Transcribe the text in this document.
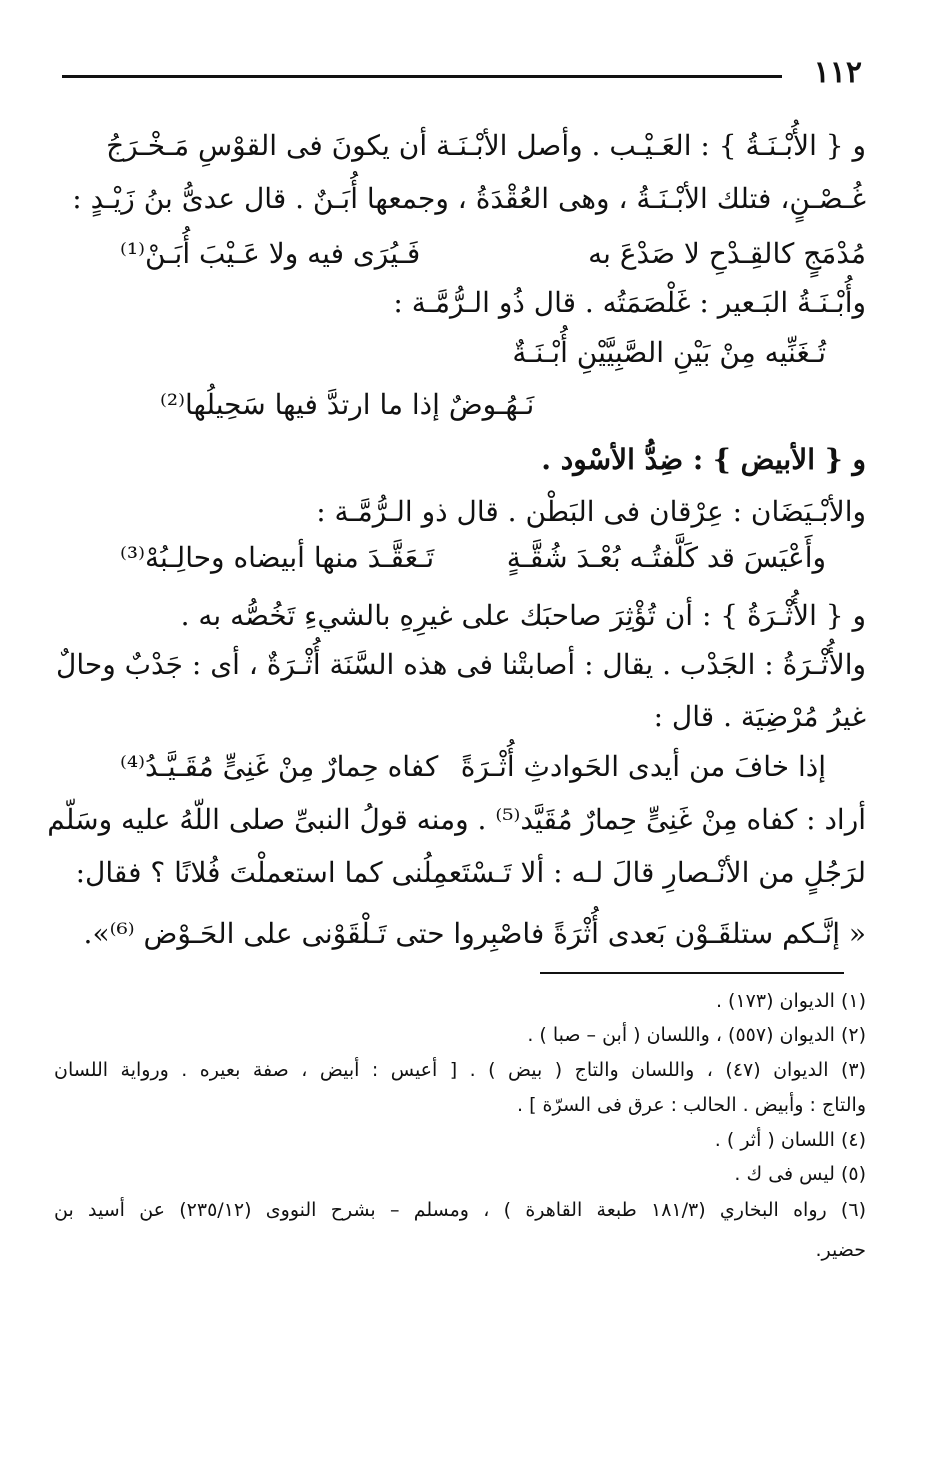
١١٢
و { الأُبْـنَـةُ } : العَـيْـب . وأصل الأبْـنَـة أن يكونَ فى القوْسِ مَـخْـرَجُ
غُـصْـنٍ، فتلك الأبْـنَـةُ ، وهى العُقْدَةُ ، وجمعها أُبَـنٌ . قال عدىُّ بنُ زَيْـدٍ :
مُدْمَجٍ كالقِـدْحِ لا صَدْعَ به
فَـيُرَى فيه ولا عَـيْبَ أُبَـنْ⁽¹⁾
وأُبْـنَـةُ البَـعير : غَلْصَمَتُه . قال ذُو الـرُّمَّـة :
تُـغَنِّيه مِنْ بَيْنِ الصَّبِيَّيْنِ أُبْـنَـةٌ
نَـهُـوضٌ إذا ما ارتدَّ فيها سَحِيلُها⁽²⁾
و { الأبيض } : ضِدُّ الأسْود .
والأبْـيَضَان : عِرْقان فى البَطْن . قال ذو الـرُّمَّـة :
وأَعْيَسَ قد كَلَّفتُـه بُعْـدَ شُقَّـةٍ
تَـعَقَّـدَ منها أبيضاه وحالِـبُهْ⁽³⁾
و { الأُثْـرَةُ } : أن تُؤْثِرَ صاحبَك على غيرِهِ بالشيءِ تَخُصُّه به .
والأُثْـرَةُ : الجَدْب . يقال : أصابتْنا فى هذه السَّنَة أُثْـرَةٌ ، أى : جَدْبٌ وحالٌ
غيرُ مُرْضِيَة . قال :
إذا خافَ من أيدى الحَوادثِ أُثْـرَةً
كفاه حِمارٌ مِنْ غَنِىٍّ مُقَـيَّـدُ⁽⁴⁾
أراد : كفاه مِنْ غَنِىٍّ حِمارٌ مُقَيَّد⁽⁵⁾ . ومنه قولُ النبىِّ صلى اللّهُ عليه وسَلّم
لرَجُلٍ من الأنْـصارِ قالَ لـه : ألا تَـسْتَعمِلُنى كما استعملْتَ فُلانًا ؟ فقال:
« إنَّـكم ستلقَـوْن بَعدى أُثْرَةً فاصْبِروا حتى تَـلْقَوْنى على الحَـوْض ⁽⁶⁾».
(١) الديوان (١٧٣) .
(٢) الديوان (٥٥٧) ، واللسان ( أبن – صبا ) .
(٣) الديوان (٤٧) ، واللسان والتاج ( بيض ) . [ أعيس : أبيض ، صفة بعيره . ورواية اللسان
والتاج : وأبيض . الحالب : عرق فى السرّة ] .
(٤) اللسان ( أثر ) .
(٥) ليس فى ك .
(٦) رواه البخاري (١٨١/٣ طبعة القاهرة ) ، ومسلم – بشرح النووى (٢٣٥/١٢) عن أسيد بن
حضير.
